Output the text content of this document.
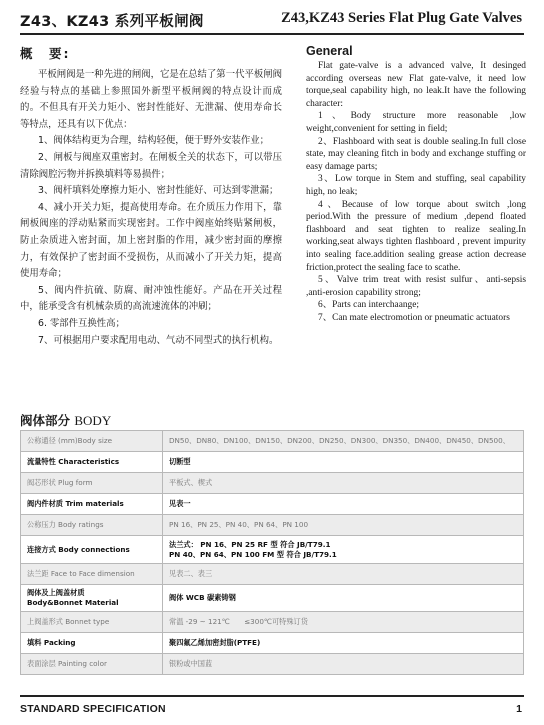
Z43、KZ43 系列平板闸阀	Z43,KZ43 Series Flat Plug Gate Valves
概　要:

平板闸阀是一种先进的闸阀，它是在总结了第一代平板闸阀经验与特点的基础上参照国外新型平板闸阀的特点设计而成的。不但具有开关力矩小、密封性能好、无泄漏、使用寿命长等特点，还具有以下优点：

1、阀体结构更为合理，结构轻便，便于野外安装作业；

2、闸板与阀座双重密封。在闸板全关的状态下，可以带压清除阀腔污物并拆换填料等易损件；

3、阀杆填料处摩擦力矩小、密封性能好、可达到零泄漏；

4、减小开关力矩，提高使用寿命。在介质压力作用下，靠闸板阀座的浮动贴紧而实现密封。工作中阀座始终贴紧闸板，防止杂质进入密封面，加上密封脂的作用，减少密封面的摩擦力，有效保护了密封面不受损伤，从而减小了开关力矩，提高使用寿命；

5、阀内件抗硫、防腐、耐冲蚀性能好。产品在开关过程中，能承受含有机械杂质的高流速流体的冲刷；

6. 零部件互换性高；

7、可根据用户要求配用电动、气动不同型式的执行机构。

General

Flat gate-valve is a advanced valve, It desinged according overseas new Flat gate-valve, it need low torque,seal capability high, no leak.It have the following character:

1、Body structure more reasonable ,low weight,convenient for setting in field;

2、Flashboard with seat is double sealing.In full close state, may cleaning fitch in body and exchange stuffing or easy damage parts;

3、Low torque in Stem and stuffing, seal capability high, no leak;

4、Because of low torque about switch ,long period.With the pressure of medium ,depend floated flashboard and seat tighten to realize sealing.In working,seat always tighten flashboard , prevent impurity into sealing face.addition sealing grease action decrease friction,protect the sealing face to scathe.

5、Valve trim treat with resist sulfur、anti-sepsis ,anti-erosion capability strong;

6、Parts can interchaange;

7、Can mate electromotion or pneumatic actuators

阀体部分 BODY
公称通径 (mm)Body size	DN50、DN80、DN100、DN150、DN200、DN250、DN300、DN350、DN400、DN450、DN500、
流量特性 Characteristics	切断型
阀芯形状 Plug form	平板式、楔式
阀内件材质 Trim materials	见表一
公称压力 Body ratings	PN 16、PN 25、PN 40、PN 64、PN 100
连接方式 Body connections	法兰式： PN 16、PN 25 RF 型 符合 JB/T79.1
PN 40、PN 64、PN 100 FM 型 符合 JB/T79.1
法兰距 Face to Face dimension	见表二、表三
阀体及上阀盖材质
Body&Bonnet Material	阀体 WCB 碳素铸钢
上阀盖形式 Bonnet type	常温 -29 ~ 121℃　　≤300℃可特殊订货
填料 Packing	聚四氟乙烯加密封脂(PTFE)
表面涂层 Painting color	银粉或中国蓝
STANDARD SPECIFICATION	1
